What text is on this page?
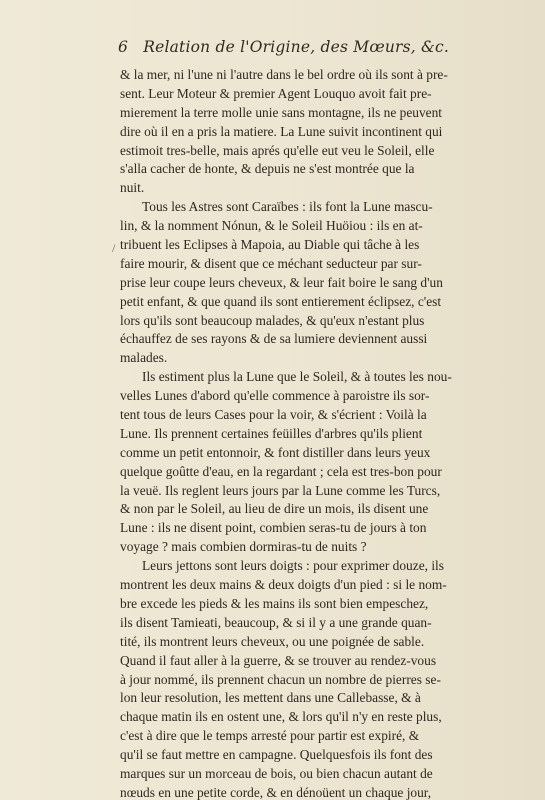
6 Relation de l'Origine, des Mœurs, &c.
/
& la mer, ni l'une ni l'autre dans le bel ordre où ils sont à pre-
sent. Leur Moteur & premier Agent Louquo avoit fait pre-
mierement la terre molle unie sans montagne, ils ne peuvent
dire où il en a pris la matiere. La Lune suivit incontinent qui
estimoit tres-belle, mais aprés qu'elle eut veu le Soleil, elle
s'alla cacher de honte, & depuis ne s'est montrée que la
nuit.
Tous les Astres sont Caraïbes : ils font la Lune mascu-
lin, & la nomment Nónun, & le Soleil Huöiou : ils en at-
tribuent les Eclipses à Mapoia, au Diable qui tâche à les
faire mourir, & disent que ce méchant seducteur par sur-
prise leur coupe leurs cheveux, & leur fait boire le sang d'un
petit enfant, & que quand ils sont entierement éclipsez, c'est
lors qu'ils sont beaucoup malades, & qu'eux n'estant plus
échauffez de ses rayons & de sa lumiere deviennent aussi
malades.
Ils estiment plus la Lune que le Soleil, & à toutes les nou-
velles Lunes d'abord qu'elle commence à paroistre ils sor-
tent tous de leurs Cases pour la voir, & s'écrient : Voilà la
Lune. Ils prennent certaines feüilles d'arbres qu'ils plient
comme un petit entonnoir, & font distiller dans leurs yeux
quelque goûtte d'eau, en la regardant ; cela est tres-bon pour
la veuë. Ils reglent leurs jours par la Lune comme les Turcs,
& non par le Soleil, au lieu de dire un mois, ils disent une
Lune : ils ne disent point, combien seras-tu de jours à ton
voyage ? mais combien dormiras-tu de nuits ?
Leurs jettons sont leurs doigts : pour exprimer douze, ils
montrent les deux mains & deux doigts d'un pied : si le nom-
bre excede les pieds & les mains ils sont bien empeschez,
ils disent Tamieati, beaucoup, & si il y a une grande quan-
tité, ils montrent leurs cheveux, ou une poignée de sable.
Quand il faut aller à la guerre, & se trouver au rendez-vous
à jour nommé, ils prennent chacun un nombre de pierres se-
lon leur resolution, les mettent dans une Callebasse, & à
chaque matin ils en ostent une, & lors qu'il n'y en reste plus,
c'est à dire que le temps arresté pour partir est expiré, &
qu'il se faut mettre en campagne. Quelquesfois ils font des
marques sur un morceau de bois, ou bien chacun autant de
nœuds en une petite corde, & en dénoüent un chaque jour,
